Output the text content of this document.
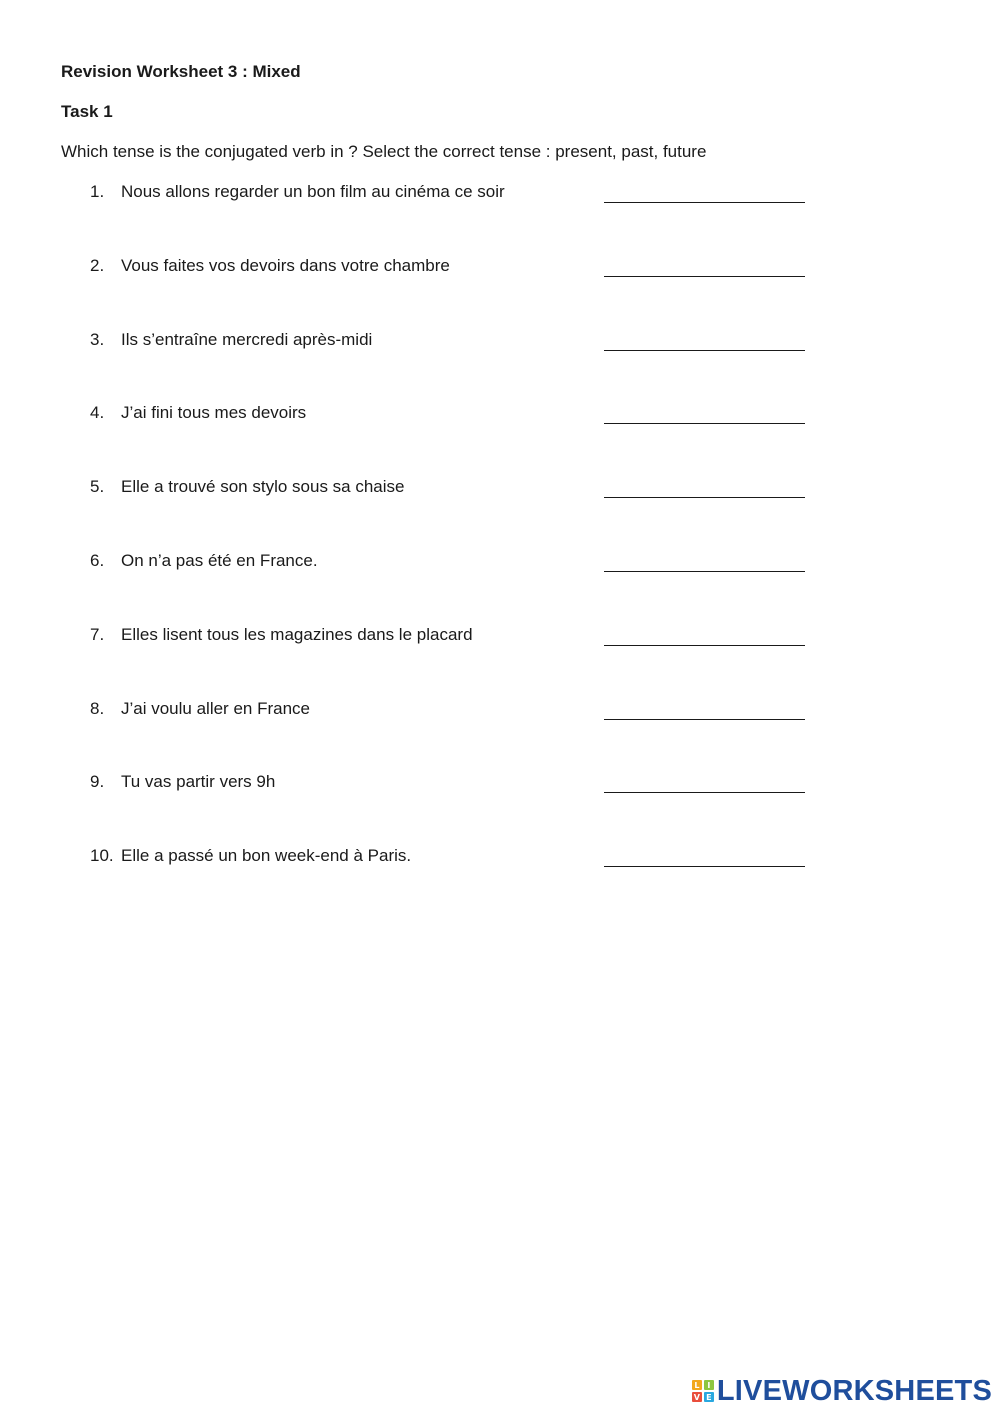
Revision Worksheet 3 : Mixed
Task 1
Which tense is the conjugated verb in ? Select the correct tense : present, past, future
1. Nous allons regarder un bon film au cinéma ce soir
2. Vous faites vos devoirs dans votre chambre
3. Ils s’entraîne mercredi après-midi
4. J’ai fini tous mes devoirs
5. Elle a trouvé son stylo sous sa chaise
6. On n’a pas été en France.
7. Elles lisent tous les magazines dans le placard
8. J’ai voulu aller en France
9. Tu vas partir vers 9h
10. Elle a passé un bon week-end à Paris.
L I
V E LIVEWORKSHEETS
